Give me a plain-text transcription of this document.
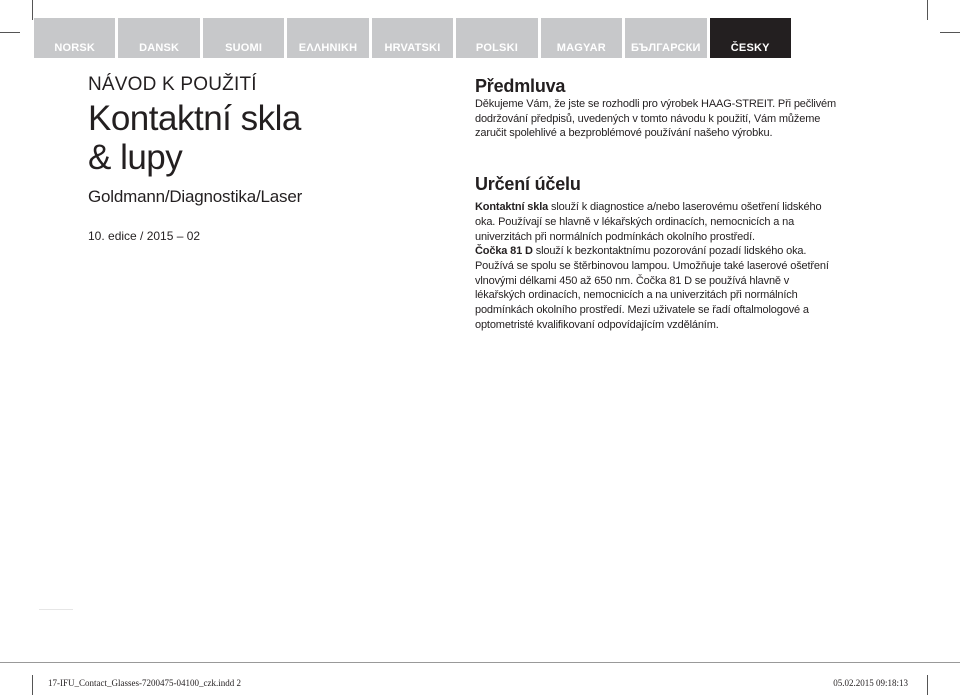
NORSK	DANSK	SUOMI	ΕΛΛΗΝΙΚΗ	HRVATSKI	POLSKI	MAGYAR	БЪЛГАРСКИ	ČESKY
NÁVOD K POUŽITÍ
Kontaktní skla
& lupy
Goldmann/Diagnostika/Laser
10. edice / 2015 – 02
Předmluva

Děkujeme Vám, že jste se rozhodli pro výrobek HAAG-STREIT. Při pečlivém dodržování předpisů, uvedených v tomto návodu k použití, Vám můžeme zaručit spolehlivé a bezproblémové používání našeho výrobku.

Určení účelu

Kontaktní skla slouží k diagnostice a/nebo laserovému ošetření lidského oka. Používají se hlavně v lékařských ordinacích, nemocnicích a na univerzitách při normálních podmínkách okolního prostředí.

Čočka 81 D slouží k bezkontaktnímu pozorování pozadí lidského oka. Používá se spolu se štěrbinovou lampou. Umožňuje také laserové ošetření vlnovými délkami 450 až 650 nm. Čočka 81 D se používá hlavně v lékařských ordinacích, nemocnicích a na univerzitách při normálních podmínkách okolního prostředí. Mezi uživatele se řadí oftalmologové a optometristé kvalifikovaní odpovídajícím vzděláním.

17-IFU_Contact_Glasses-7200475-04100_czk.indd 2	05.02.2015 09:18:13
